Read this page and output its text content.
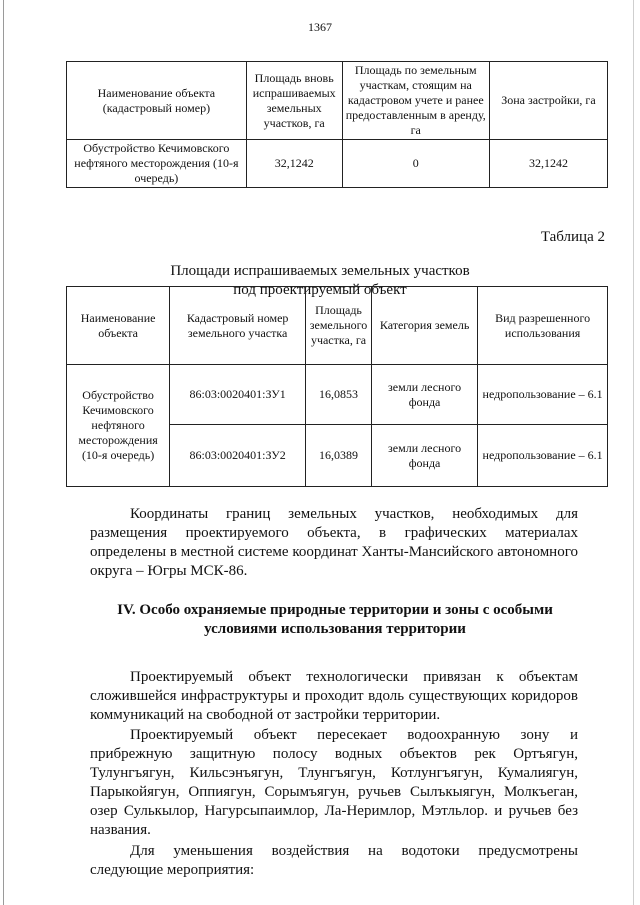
1367
Наименование объекта (кадастровый номер)	Площадь вновь испрашиваемых земельных участков, га	Площадь по земельным участкам, стоящим на кадастровом учете и ранее предоставленным в аренду, га	Зона застройки, га
Обустройство Кечимовского нефтяного месторождения (10-я очередь)	32,1242	0	32,1242
Таблица 2
Площади испрашиваемых земельных участков
под проектируемый объект
Наименование объекта	Кадастровый номер земельного участка	Площадь земельного участка, га	Категория земель	Вид разрешенного использования
Обустройство Кечимовского нефтяного месторождения (10-я очередь)	86:03:0020401:ЗУ1	16,0853	земли лесного фонда	недропользование – 6.1
	86:03:0020401:ЗУ2	16,0389	земли лесного фонда	недропользование – 6.1
Координаты границ земельных участков, необходимых для размещения проектируемого объекта, в графических материалах определены в местной системе координат Ханты-Мансийского автономного округа – Югры МСК-86.
IV. Особо охраняемые природные территории и зоны с особыми условиями использования территории
Проектируемый объект технологически привязан к объектам сложившейся инфраструктуры и проходит вдоль существующих коридоров коммуникаций на свободной от застройки территории.
Проектируемый объект пересекает водоохранную зону и прибрежную защитную полосу водных объектов рек Ортъягун, Тулунгъягун, Кильсэнъягун, Тлунгъягун, Котлунгъягун, Кумалиягун, Парыкойягун, Оппиягун, Сорымъягун, ручьев Сылъкыягун, Молкъеган, озер Сулькылор, Нагурсыпаимлор, Ла-Неримлор, Мэтльлор. и ручьев без названия.
Для уменьшения воздействия на водотоки предусмотрены следующие мероприятия:
